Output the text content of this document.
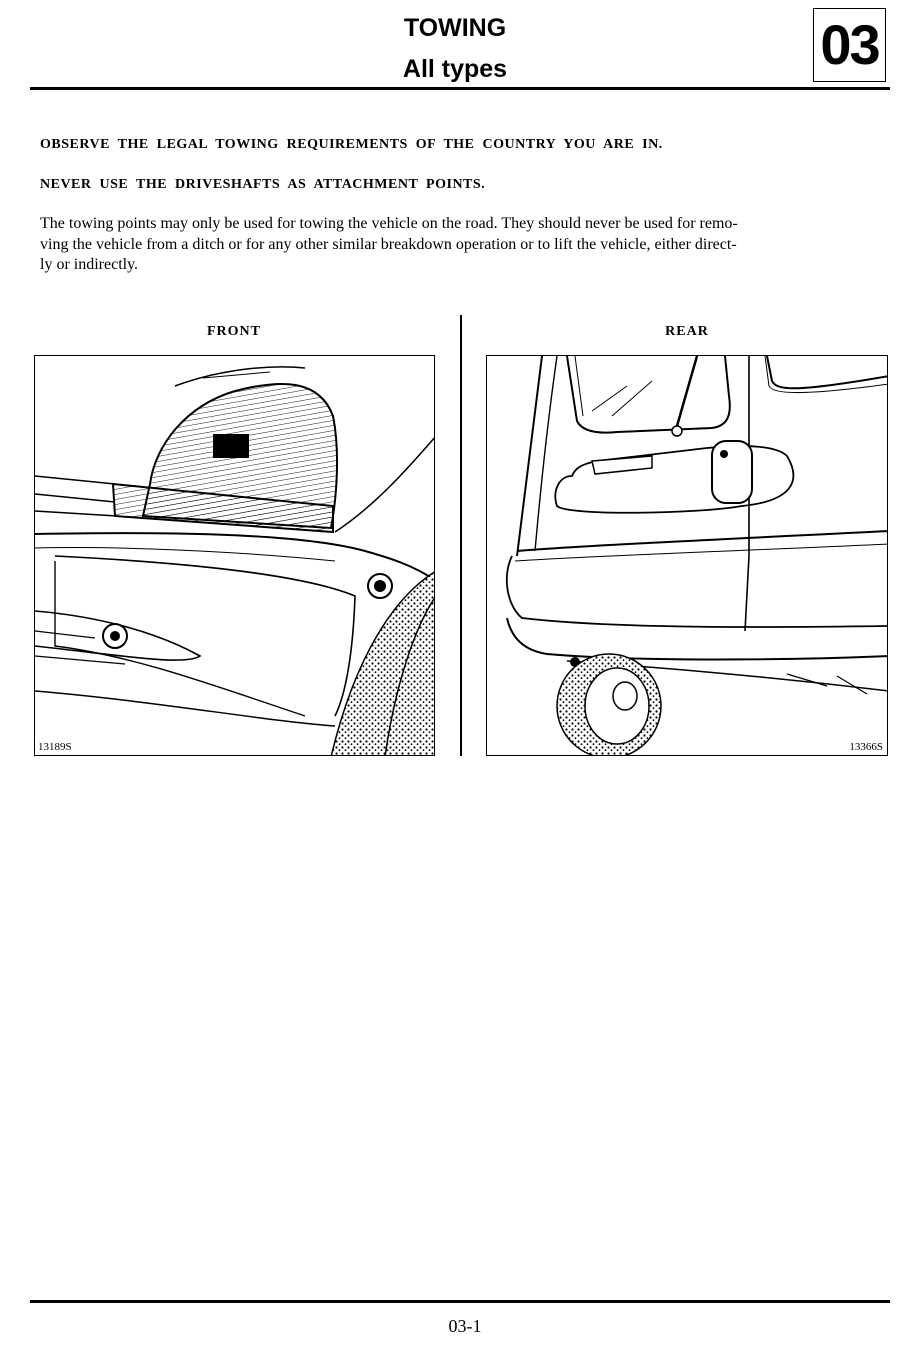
TOWING
All types	03
OBSERVE THE LEGAL TOWING REQUIREMENTS OF THE COUNTRY YOU ARE IN.
NEVER USE THE DRIVESHAFTS AS ATTACHMENT POINTS.
The towing points may only be used for towing the vehicle on the road. They should never be used for remo-
ving the vehicle from a ditch or for any other similar breakdown operation or to lift the vehicle, either direct-
ly or indirectly.
FRONT	REAR
13189S	13366S
03-1
